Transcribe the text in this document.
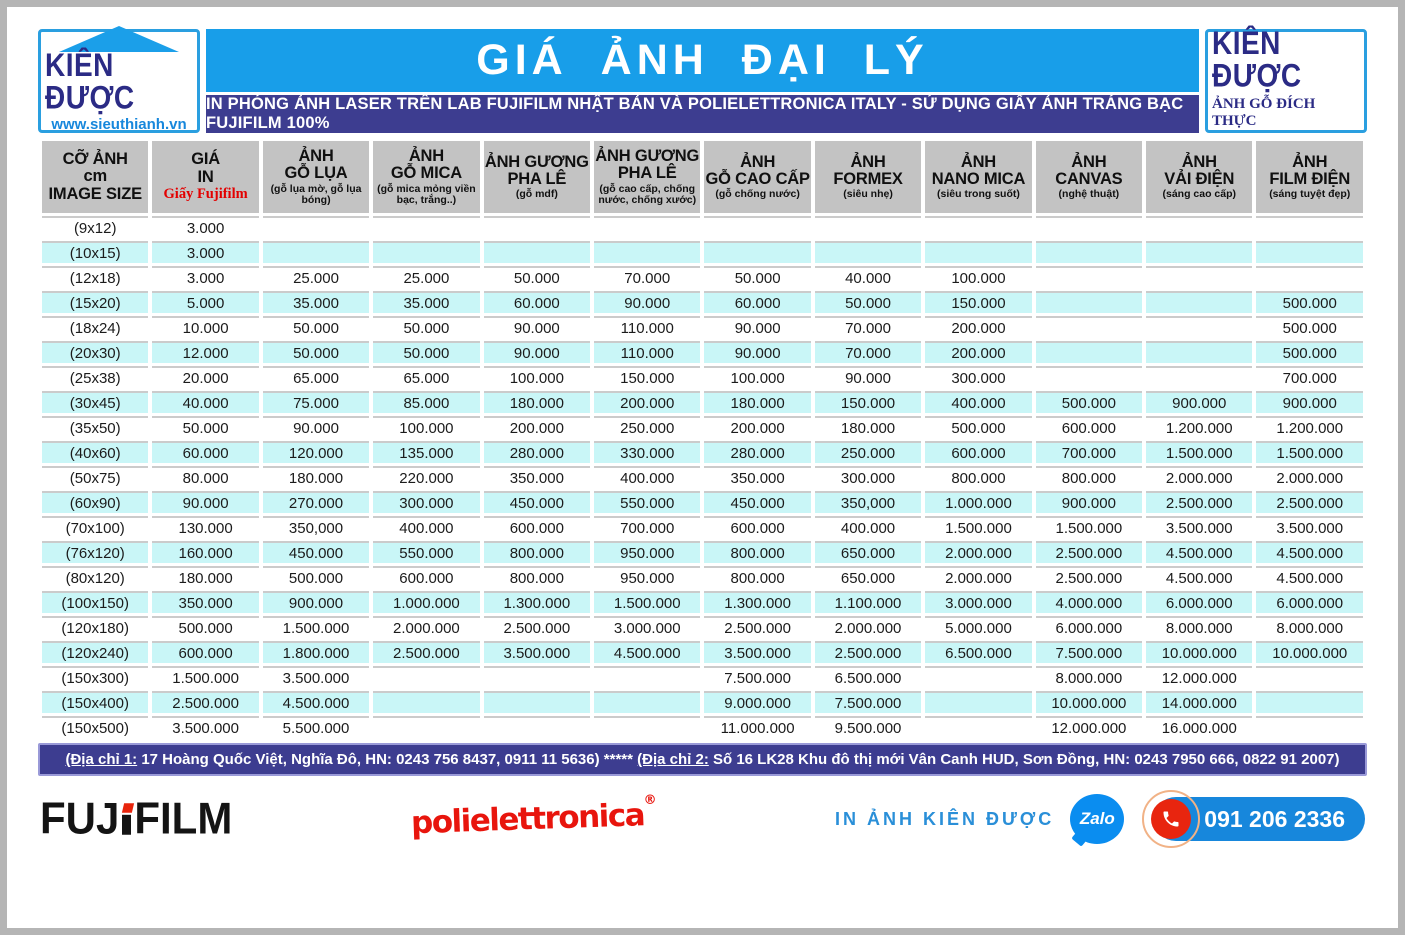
KIÊN ĐƯỢC
www.sieuthianh.vn
GIÁ ẢNH ĐẠI LÝ
IN PHÓNG ẢNH LASER TRÊN LAB FUJIFILM NHẬT BẢN VÀ POLIELETTRONICA ITALY - SỬ DỤNG GIẤY ẢNH TRÁNG BẠC FUJIFILM 100%
KIÊN ĐƯỢC
ẢNH GỖ ĐÍCH THỰC
CỠ ẢNH
cm
IMAGE SIZE

GIÁ
IN
Giấy Fujifilm

ẢNH
GỖ LỤA
(gỗ lụa mờ, gỗ lụa bóng)

ẢNH
GỖ MICA
(gỗ mica mỏng viền bạc, trắng..)

ẢNH GƯƠNG
PHA LÊ
(gỗ mdf)

ẢNH GƯƠNG
PHA LÊ
(gỗ cao cấp, chống nước, chống xước)

ẢNH
GỖ CAO CẤP
(gỗ chống nước)

ẢNH
FORMEX
(siêu nhẹ)

ẢNH
NANO MICA
(siêu trong suốt)

ẢNH
CANVAS
(nghệ thuật)

ẢNH
VẢI ĐIỆN
(sáng cao cấp)

ẢNH
FILM ĐIỆN
(sáng tuyệt đẹp)

(9x12)	3.000										
(10x15)	3.000										
(12x18)	3.000	25.000	25.000	50.000	70.000	50.000	40.000	100.000			
(15x20)	5.000	35.000	35.000	60.000	90.000	60.000	50.000	150.000			500.000
(18x24)	10.000	50.000	50.000	90.000	110.000	90.000	70.000	200.000			500.000
(20x30)	12.000	50.000	50.000	90.000	110.000	90.000	70.000	200.000			500.000
(25x38)	20.000	65.000	65.000	100.000	150.000	100.000	90.000	300.000			700.000
(30x45)	40.000	75.000	85.000	180.000	200.000	180.000	150.000	400.000	500.000	900.000	900.000
(35x50)	50.000	90.000	100.000	200.000	250.000	200.000	180.000	500.000	600.000	1.200.000	1.200.000
(40x60)	60.000	120.000	135.000	280.000	330.000	280.000	250.000	600.000	700.000	1.500.000	1.500.000
(50x75)	80.000	180.000	220.000	350.000	400.000	350.000	300.000	800.000	800.000	2.000.000	2.000.000
(60x90)	90.000	270.000	300.000	450.000	550.000	450.000	350,000	1.000.000	900.000	2.500.000	2.500.000
(70x100)	130.000	350,000	400.000	600.000	700.000	600.000	400.000	1.500.000	1.500.000	3.500.000	3.500.000
(76x120)	160.000	450.000	550.000	800.000	950.000	800.000	650.000	2.000.000	2.500.000	4.500.000	4.500.000
(80x120)	180.000	500.000	600.000	800.000	950.000	800.000	650.000	2.000.000	2.500.000	4.500.000	4.500.000
(100x150)	350.000	900.000	1.000.000	1.300.000	1.500.000	1.300.000	1.100.000	3.000.000	4.000.000	6.000.000	6.000.000
(120x180)	500.000	1.500.000	2.000.000	2.500.000	3.000.000	2.500.000	2.000.000	5.000.000	6.000.000	8.000.000	8.000.000
(120x240)	600.000	1.800.000	2.500.000	3.500.000	4.500.000	3.500.000	2.500.000	6.500.000	7.500.000	10.000.000	10.000.000
(150x300)	1.500.000	3.500.000				7.500.000	6.500.000		8.000.000	12.000.000	
(150x400)	2.500.000	4.500.000				9.000.000	7.500.000		10.000.000	14.000.000	
(150x500)	3.500.000	5.500.000				11.000.000	9.500.000		12.000.000	16.000.000	
(Địa chỉ 1: 17 Hoàng Quốc Việt, Nghĩa Đô, HN: 0243 756 8437, 0911 11 5636) ***** (Địa chỉ 2: Số 16 LK28 Khu đô thị mới Vân Canh HUD, Sơn Đồng, HN: 0243 7950 666, 0822 91 2007)
FUJ FILM	polielettronica®
IN ẢNH KIÊN ĐƯỢC Zalo	091 206 2336
